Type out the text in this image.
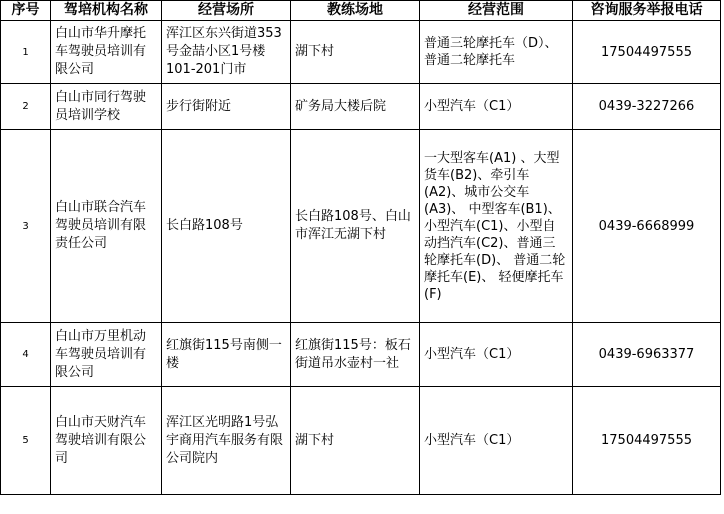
序号	驾培机构名称	经营场所	教练场地	经营范围	咨询服务举报电话
1	白山市华升摩托车驾驶员培训有限公司	浑江区东兴街道353号金喆小区1号楼101-201门市	湖下村	普通三轮摩托车（D）、普通二轮摩托车	17504497555
2	白山市同行驾驶员培训学校	步行街附近	矿务局大楼后院	小型汽车（C1）	0439-3227266
3	白山市联合汽车驾驶员培训有限责任公司	长白路108号	长白路108号、白山市浑江无湖下村	一大型客车(A1) 、大型货车(B2)、牵引车(A2)、城市公交车(A3)、 中型客车(B1)、小型汽车(C1)、小型自动挡汽车(C2)、普通三轮摩托车(D)、 普通二轮摩托车(E)、 轻便摩托车(F)	0439-6668999
4	白山市万里机动车驾驶员培训有限公司	红旗街115号南侧一楼	红旗街115号：板石街道吊水壶村一社	小型汽车（C1）	0439-6963377
5	白山市天财汽车驾驶培训有限公司	浑江区光明路1号弘宇商用汽车服务有限公司院内	湖下村	小型汽车（C1）	17504497555
